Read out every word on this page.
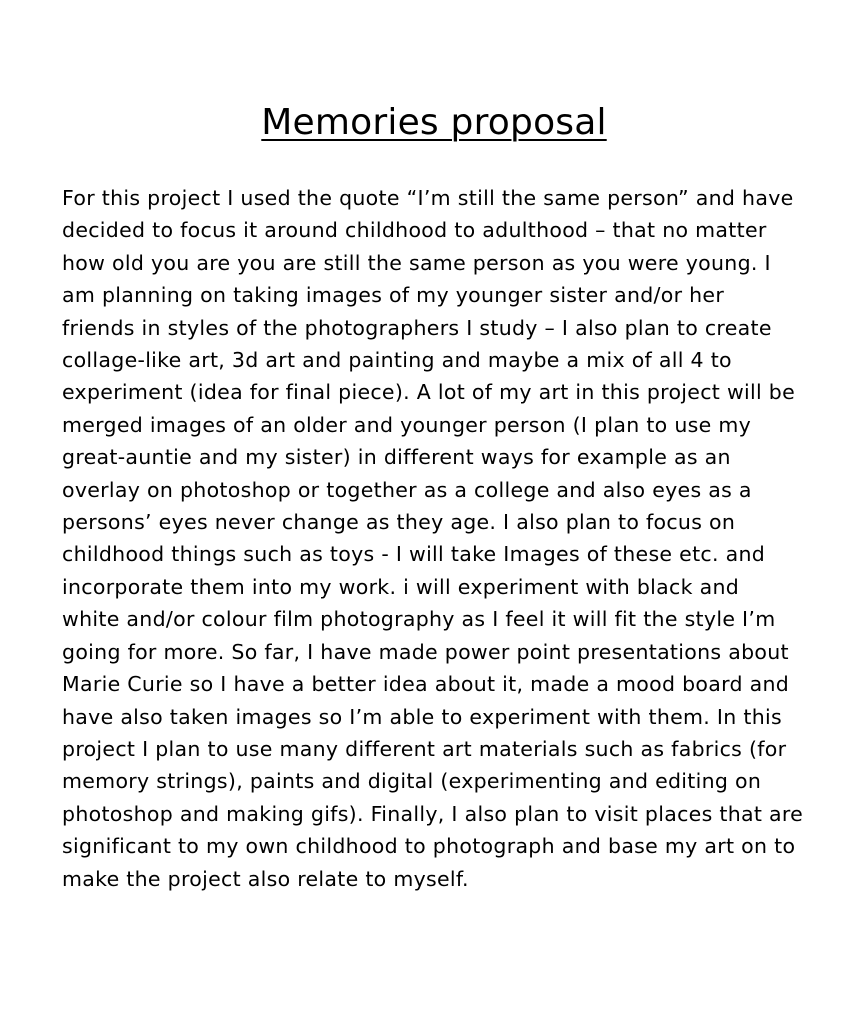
Memories proposal
For this project I used the quote “I’m still the same person” and have
decided to focus it around childhood to adulthood – that no matter
how old you are you are still the same person as you were young. I
am planning on taking images of my younger sister and/or her
friends in styles of the photographers I study – I also plan to create
collage-like art, 3d art and painting and maybe a mix of all 4 to
experiment (idea for final piece). A lot of my art in this project will be
merged images of an older and younger person (I plan to use my
great-auntie and my sister) in different ways for example as an
overlay on photoshop or together as a college and also eyes as a
persons’ eyes never change as they age. I also plan to focus on
childhood things such as toys - I will take Images of these etc. and
incorporate them into my work. i will experiment with black and
white and/or colour film photography as I feel it will fit the style I’m
going for more. So far, I have made power point presentations about
Marie Curie so I have a better idea about it, made a mood board and
have also taken images so I’m able to experiment with them. In this
project I plan to use many different art materials such as fabrics (for
memory strings), paints and digital (experimenting and editing on
photoshop and making gifs). Finally, I also plan to visit places that are
significant to my own childhood to photograph and base my art on to
make the project also relate to myself.
